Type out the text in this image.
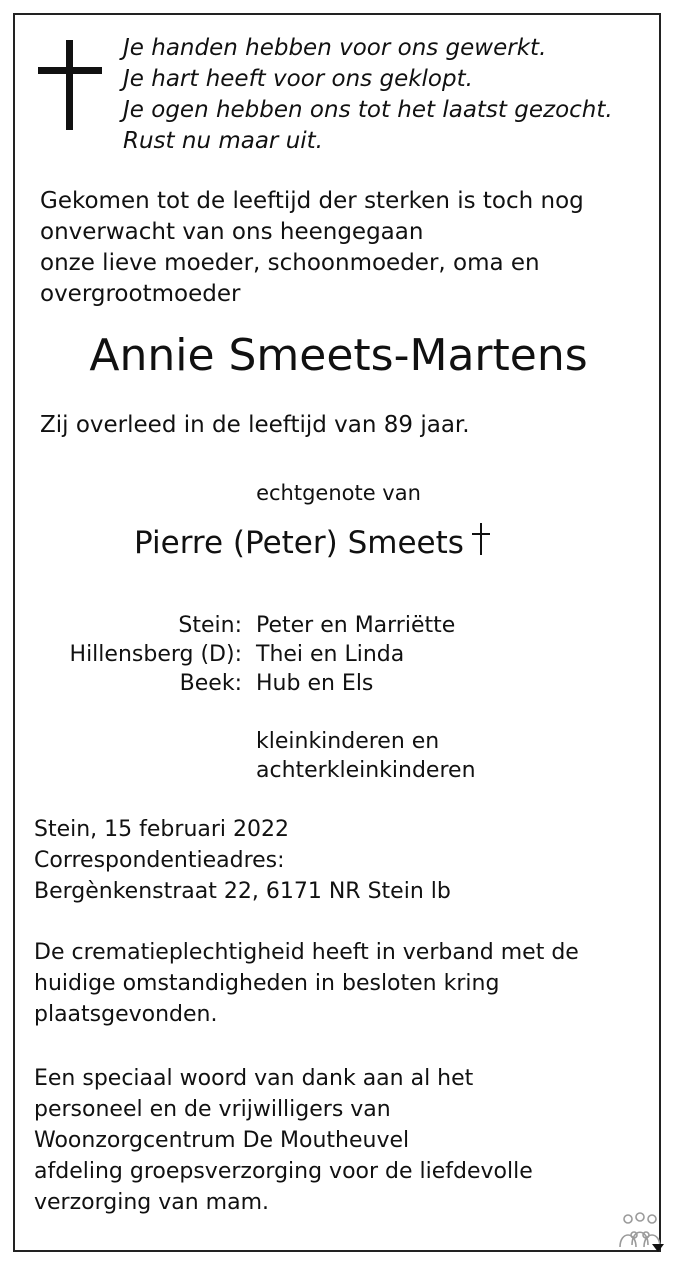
Je handen hebben voor ons gewerkt.
Je hart heeft voor ons geklopt.
Je ogen hebben ons tot het laatst gezocht.
Rust nu maar uit.
Gekomen tot de leeftijd der sterken is toch nog
onverwacht van ons heengegaan
onze lieve moeder, schoonmoeder, oma en
overgrootmoeder
Annie Smeets-Martens
Zij overleed in de leeftijd van 89 jaar.
echtgenote van
Pierre (Peter) Smeets
Stein: Peter en Marriëtte
Hillensberg (D): Thei en Linda
Beek: Hub en Els
kleinkinderen en
achterkleinkinderen
Stein, 15 februari 2022
Correspondentieadres:
Bergènkenstraat 22, 6171 NR Stein lb
De crematieplechtigheid heeft in verband met de
huidige omstandigheden in besloten kring
plaatsgevonden.
Een speciaal woord van dank aan al het
personeel en de vrijwilligers van
Woonzorgcentrum De Moutheuvel
afdeling groepsverzorging voor de liefdevolle
verzorging van mam.
